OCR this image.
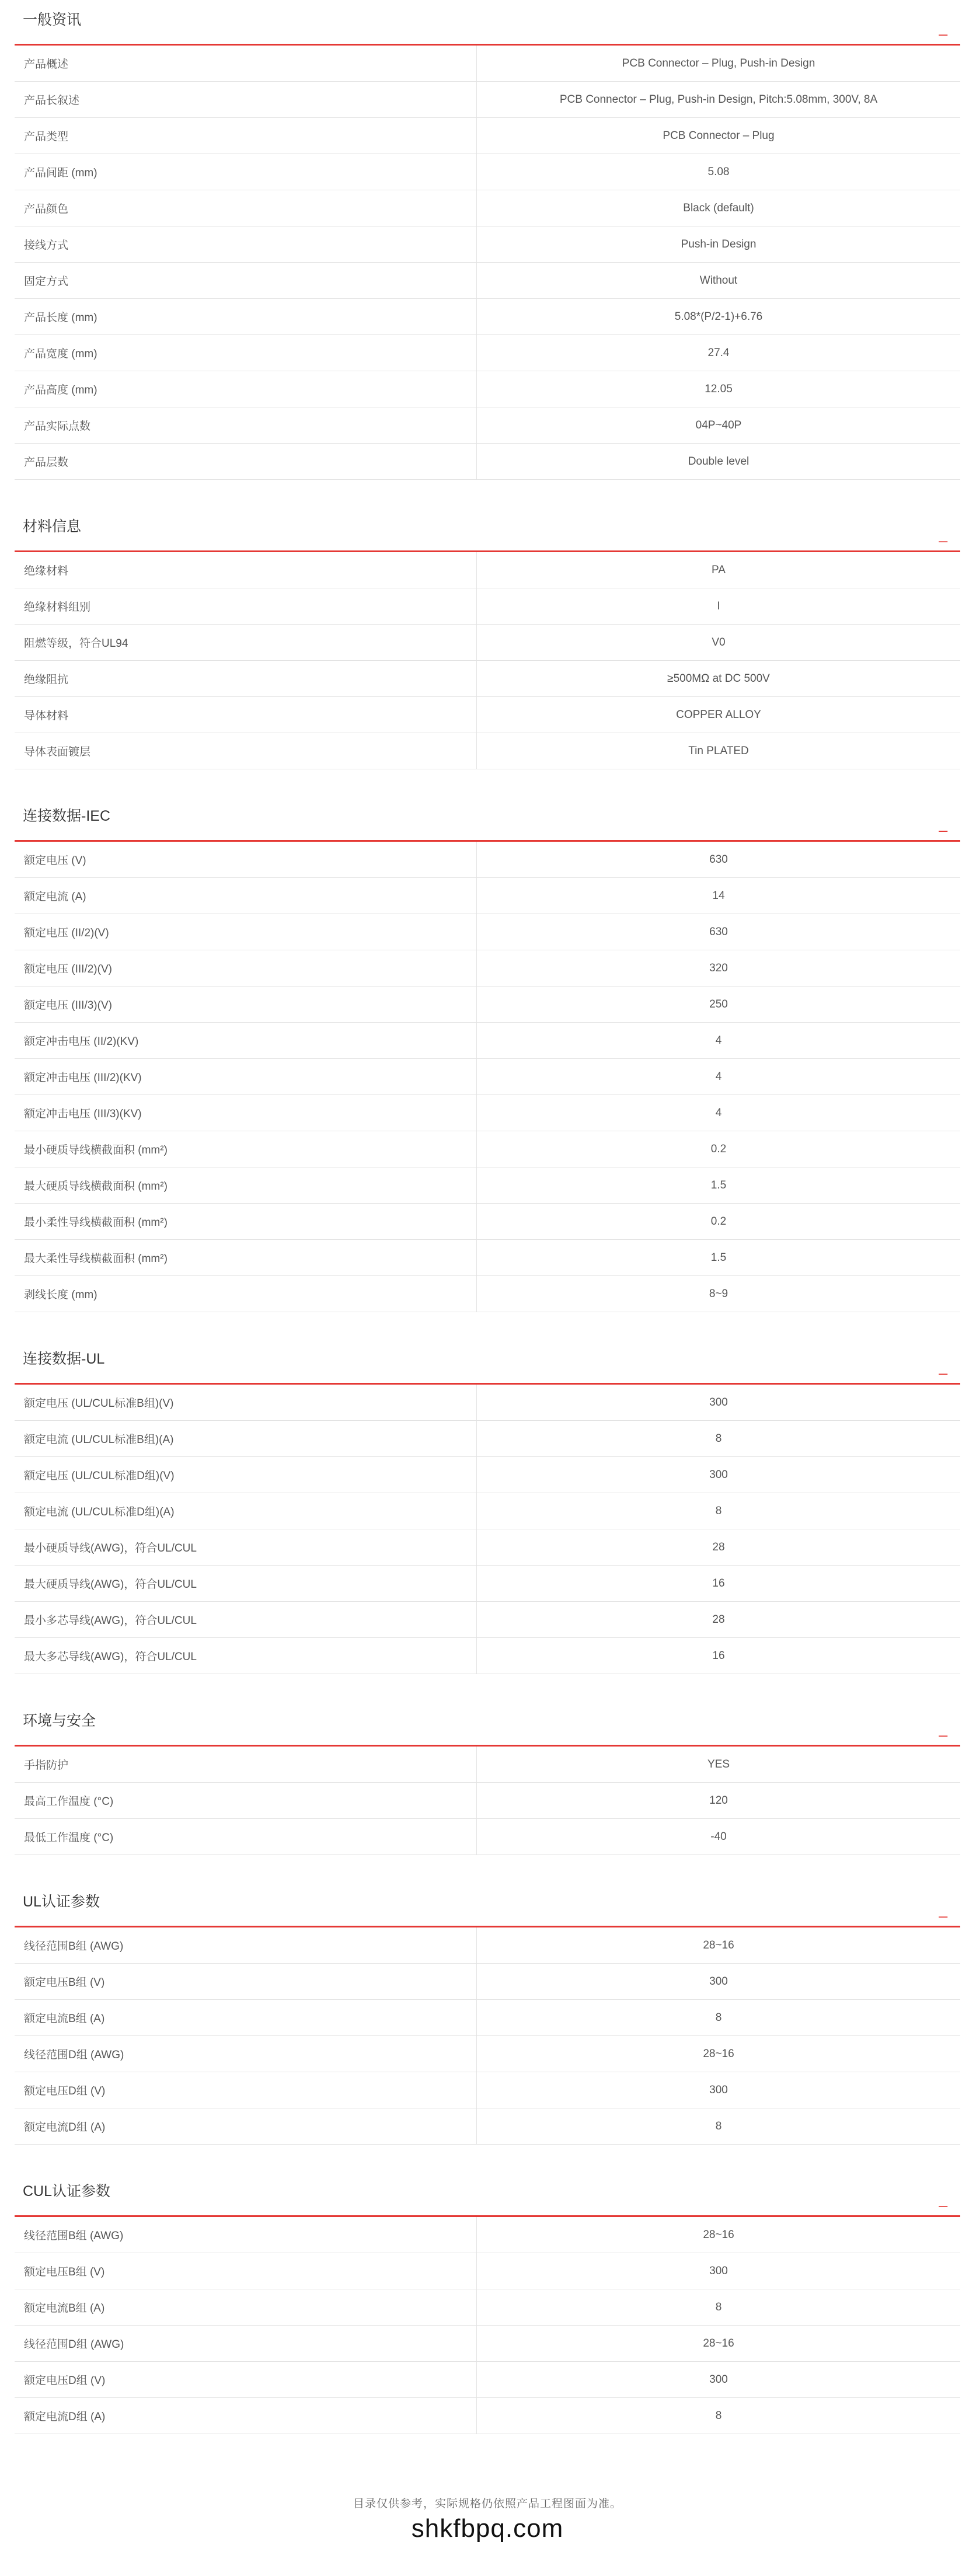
一般资讯	_
产品概述	PCB Connector – Plug, Push-in Design
产品长叙述	PCB Connector – Plug, Push-in Design, Pitch:5.08mm, 300V, 8A
产品类型	PCB Connector – Plug
产品间距 (mm)	5.08
产品颜色	Black (default)
接线方式	Push-in Design
固定方式	Without
产品长度 (mm)	5.08*(P/2-1)+6.76
产品宽度 (mm)	27.4
产品高度 (mm)	12.05
产品实际点数	04P~40P
产品层数	Double level
材料信息	_
绝缘材料	PA
绝缘材料组别	I
阻燃等级，符合UL94	V0
绝缘阻抗	≥500MΩ at DC 500V
导体材料	COPPER ALLOY
导体表面镀层	Tin PLATED
连接数据-IEC	_
额定电压 (V)	630
额定电流 (A)	14
额定电压 (II/2)(V)	630
额定电压 (III/2)(V)	320
额定电压 (III/3)(V)	250
额定冲击电压 (II/2)(KV)	4
额定冲击电压 (III/2)(KV)	4
额定冲击电压 (III/3)(KV)	4
最小硬质导线横截面积 (mm²)	0.2
最大硬质导线横截面积 (mm²)	1.5
最小柔性导线横截面积 (mm²)	0.2
最大柔性导线横截面积 (mm²)	1.5
剥线长度 (mm)	8~9
连接数据-UL	_
额定电压 (UL/CUL标准B组)(V)	300
额定电流 (UL/CUL标准B组)(A)	8
额定电压 (UL/CUL标准D组)(V)	300
额定电流 (UL/CUL标准D组)(A)	8
最小硬质导线(AWG)，符合UL/CUL	28
最大硬质导线(AWG)，符合UL/CUL	16
最小多芯导线(AWG)，符合UL/CUL	28
最大多芯导线(AWG)，符合UL/CUL	16
环境与安全	_
手指防护	YES
最高工作温度 (°C)	120
最低工作温度 (°C)	-40
UL认证参数	_
线径范围B组 (AWG)	28~16
额定电压B组 (V)	300
额定电流B组 (A)	8
线径范围D组 (AWG)	28~16
额定电压D组 (V)	300
额定电流D组 (A)	8
CUL认证参数	_
线径范围B组 (AWG)	28~16
额定电压B组 (V)	300
额定电流B组 (A)	8
线径范围D组 (AWG)	28~16
额定电压D组 (V)	300
额定电流D组 (A)	8
目录仅供参考，实际规格仍依照产品工程图面为准。
shkfbpq.com
